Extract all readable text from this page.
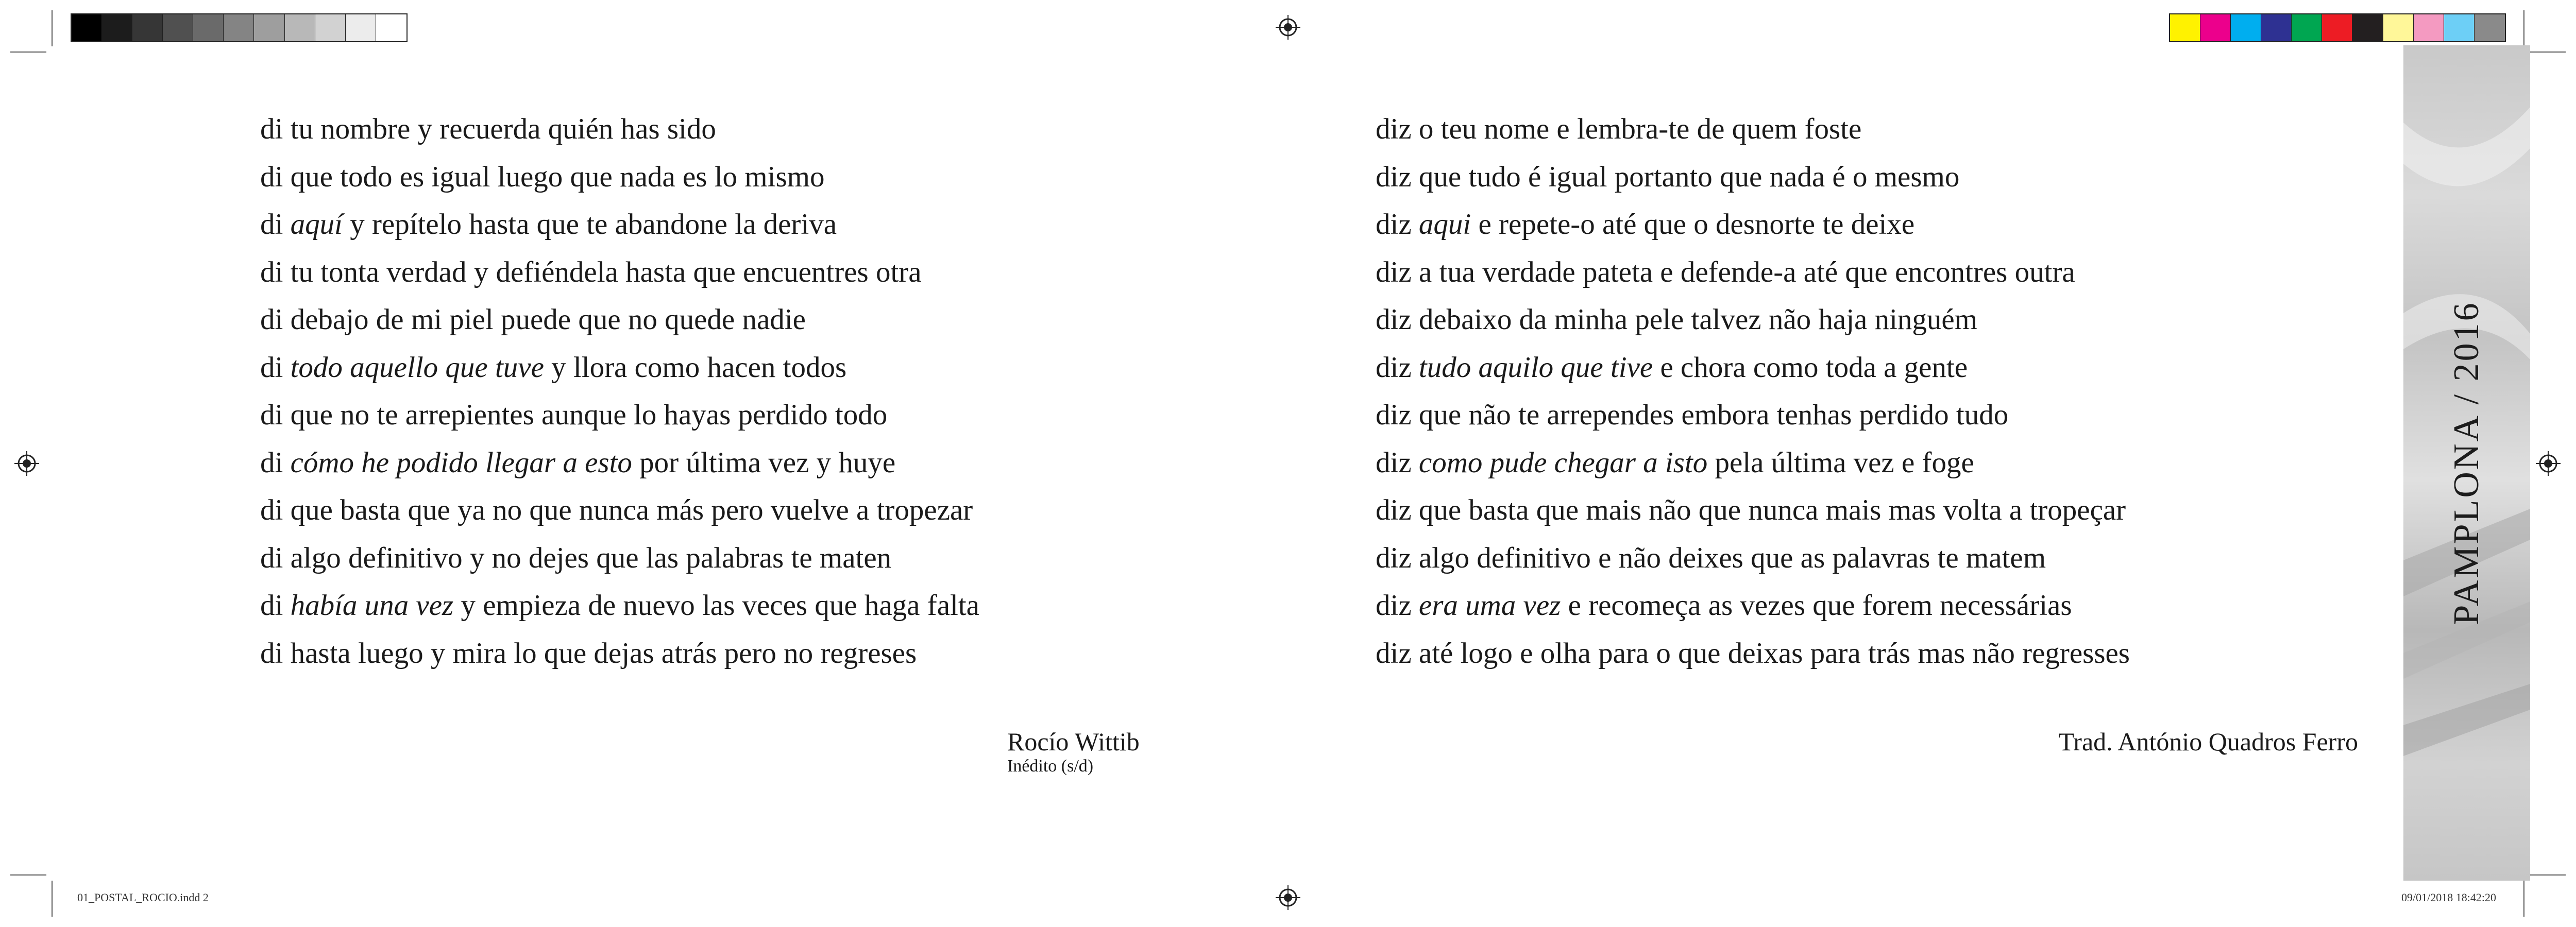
di tu nombre y recuerda quién has sido
di que todo es igual luego que nada es lo mismo
di aquí y repítelo hasta que te abandone la deriva
di tu tonta verdad y defiéndela hasta que encuentres otra
di debajo de mi piel puede que no quede nadie
di todo aquello que tuve y llora como hacen todos
di que no te arrepientes aunque lo hayas perdido todo
di cómo he podido llegar a esto por última vez y huye
di que basta que ya no que nunca más pero vuelve a tropezar
di algo definitivo y no dejes que las palabras te maten
di había una vez y empieza de nuevo las veces que haga falta
di hasta luego y mira lo que dejas atrás pero no regreses
Rocío Wittib
Inédito (s/d)
diz o teu nome e lembra-te de quem foste
diz que tudo é igual portanto que nada é o mesmo
diz aqui e repete-o até que o desnorte te deixe
diz a tua verdade pateta e defende-a até que encontres outra
diz debaixo da minha pele talvez não haja ninguém
diz tudo aquilo que tive e chora como toda a gente
diz que não te arrependes embora tenhas perdido tudo
diz como pude chegar a isto pela última vez e foge
diz que basta que mais não que nunca mais mas volta a tropeçar
diz algo definitivo e não deixes que as palavras te matem
diz era uma vez e recomeça as vezes que forem necessárias
diz até logo e olha para o que deixas para trás mas não regresses
Trad. António Quadros Ferro
PAMPLONA / 2016
01_POSTAL_ROCIO.indd 2	09/01/2018 18:42:20
